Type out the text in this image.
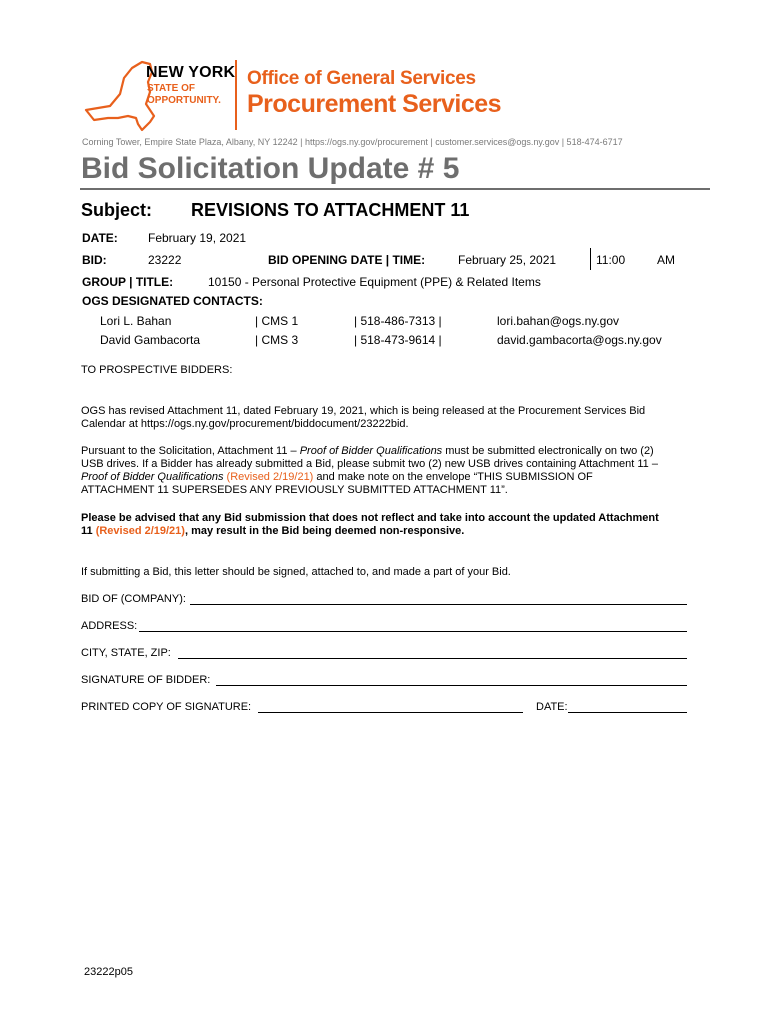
NEW YORK
STATE OF
OPPORTUNITY.
Office of General Services
Procurement Services
Corning Tower, Empire State Plaza, Albany, NY 12242 | https://ogs.ny.gov/procurement | customer.services@ogs.ny.gov | 518-474-6717
Bid Solicitation Update # 5
Subject: REVISIONS TO ATTACHMENT 11
DATE:	February 19, 2021
BID:	23222	BID OPENING DATE | TIME:	February 25, 2021	11:00	AM
GROUP | TITLE:	10150 - Personal Protective Equipment (PPE) & Related Items
OGS DESIGNATED CONTACTS:
Lori L. Bahan	| CMS 1	| 518-486-7313 |	lori.bahan@ogs.ny.gov
David Gambacorta	| CMS 3	| 518-473-9614 |	david.gambacorta@ogs.ny.gov
TO PROSPECTIVE BIDDERS:
OGS has revised Attachment 11, dated February 19, 2021, which is being released at the Procurement Services Bid
Calendar at https://ogs.ny.gov/procurement/biddocument/23222bid.
Pursuant to the Solicitation, Attachment 11 – Proof of Bidder Qualifications must be submitted electronically on two (2)
USB drives. If a Bidder has already submitted a Bid, please submit two (2) new USB drives containing Attachment 11 –
Proof of Bidder Qualifications (Revised 2/19/21) and make note on the envelope “THIS SUBMISSION OF
ATTACHMENT 11 SUPERSEDES ANY PREVIOUSLY SUBMITTED ATTACHMENT 11”.
Please be advised that any Bid submission that does not reflect and take into account the updated Attachment
11 (Revised 2/19/21), may result in the Bid being deemed non-responsive.
If submitting a Bid, this letter should be signed, attached to, and made a part of your Bid.
BID OF (COMPANY):
ADDRESS:
CITY, STATE, ZIP:
SIGNATURE OF BIDDER:
PRINTED COPY OF SIGNATURE:	DATE:
23222p05
